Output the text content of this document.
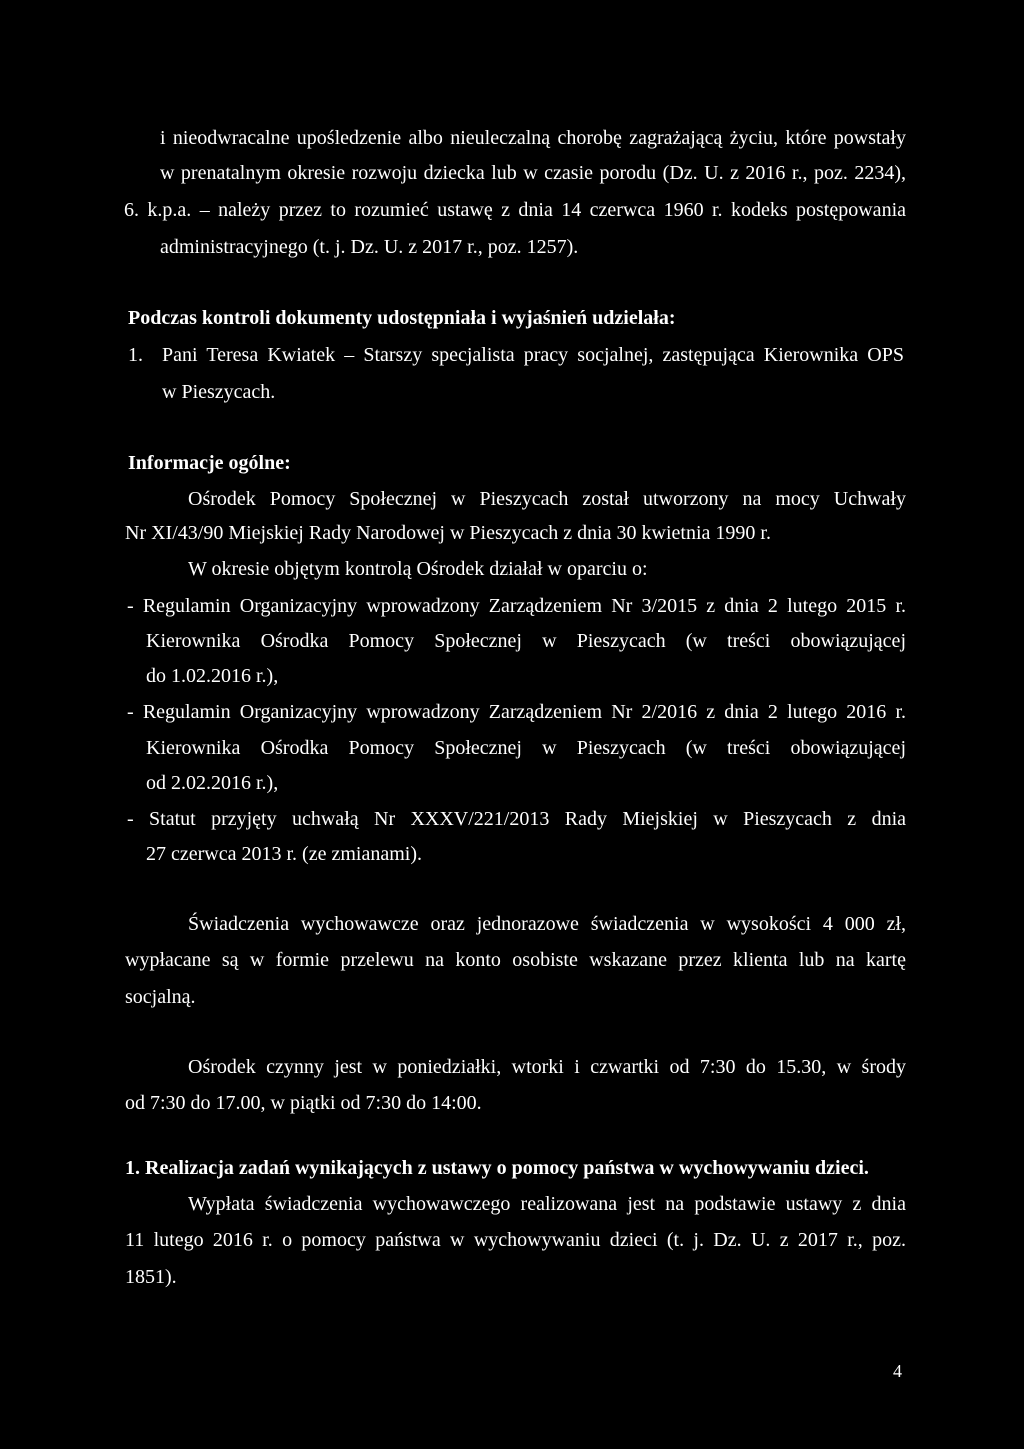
i nieodwracalne upośledzenie albo nieuleczalną chorobę zagrażającą życiu, które powstały
w prenatalnym okresie rozwoju dziecka lub w czasie porodu (Dz. U. z 2016 r., poz. 2234),
6. k.p.a. – należy przez to rozumieć ustawę z dnia 14 czerwca 1960 r. kodeks postępowania
administracyjnego (t. j. Dz. U. z 2017 r., poz. 1257).
Podczas kontroli dokumenty udostępniała i wyjaśnień udzielała:
1. Pani Teresa Kwiatek – Starszy specjalista pracy socjalnej, zastępująca Kierownika OPS
w Pieszycach.
Informacje ogólne:
Ośrodek Pomocy Społecznej w Pieszycach został utworzony na mocy Uchwały
Nr XI/43/90 Miejskiej Rady Narodowej w Pieszycach z dnia 30 kwietnia 1990 r.
W okresie objętym kontrolą Ośrodek działał w oparciu o:
- Regulamin Organizacyjny wprowadzony Zarządzeniem Nr 3/2015 z dnia 2 lutego 2015 r.
Kierownika Ośrodka Pomocy Społecznej w Pieszycach (w treści obowiązującej
do 1.02.2016 r.),
- Regulamin Organizacyjny wprowadzony Zarządzeniem Nr 2/2016 z dnia 2 lutego 2016 r.
Kierownika Ośrodka Pomocy Społecznej w Pieszycach (w treści obowiązującej
od 2.02.2016 r.),
- Statut przyjęty uchwałą Nr XXXV/221/2013 Rady Miejskiej w Pieszycach z dnia
27 czerwca 2013 r. (ze zmianami).
Świadczenia wychowawcze oraz jednorazowe świadczenia w wysokości 4 000 zł,
wypłacane są w formie przelewu na konto osobiste wskazane przez klienta lub na kartę
socjalną.
Ośrodek czynny jest w poniedziałki, wtorki i czwartki od 7:30 do 15.30, w środy
od 7:30 do 17.00, w piątki od 7:30 do 14:00.
1. Realizacja zadań wynikających z ustawy o pomocy państwa w wychowywaniu dzieci.
Wypłata świadczenia wychowawczego realizowana jest na podstawie ustawy z dnia
11 lutego 2016 r. o pomocy państwa w wychowywaniu dzieci (t. j. Dz. U. z 2017 r., poz.
1851).
4
